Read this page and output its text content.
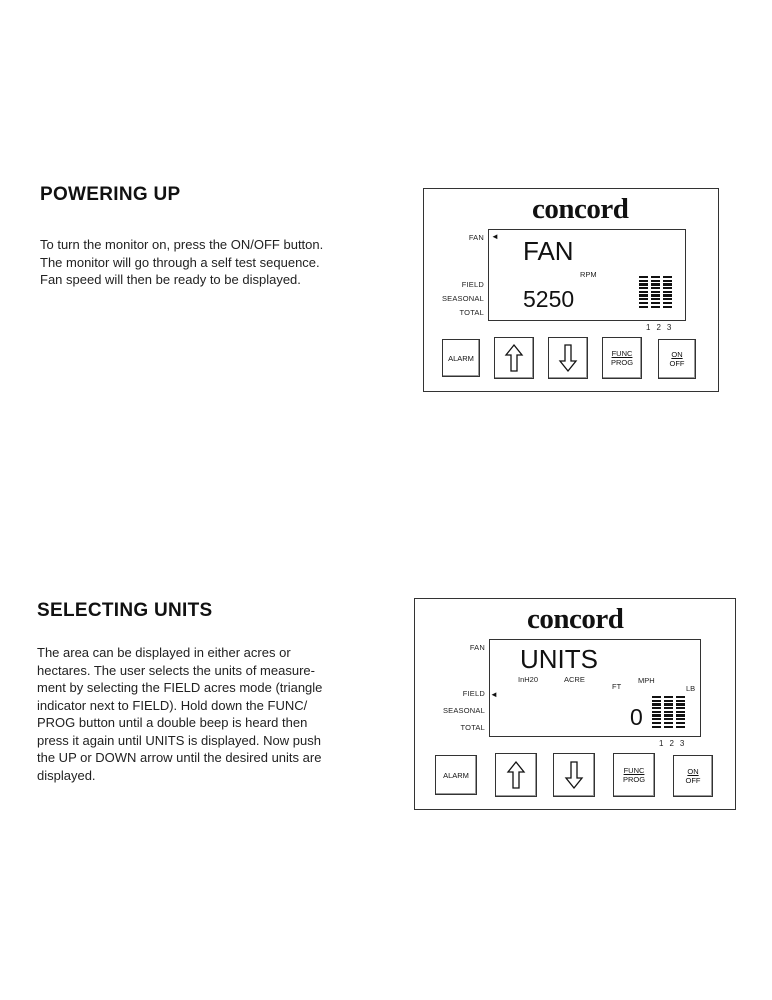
POWERING UP

To turn the monitor on, press the ON/OFF button.

The monitor will go through a self test sequence.

Fan speed will then be ready to be displayed.

concord
FAN
FIELD
SEASONAL
TOTAL
◄ FAN
RPM
5250
1 2 3
ALARM	FUNC
PROG
ON
OFF
SELECTING UNITS

The area can be displayed in either acres or

hectares. The user selects the units of measure-

ment by selecting the FIELD acres mode (triangle

indicator next to FIELD). Hold down the FUNC/

PROG button until a double beep is heard then

press it again until UNITS is displayed. Now push

the UP or DOWN arrow until the desired units are

displayed.

concord
FAN
FIELD
SEASONAL
TOTAL
◄
UNITS
InH20	ACRE
FT
MPH
LB
0
1 2 3
ALARM	FUNC
PROG
ON
OFF
